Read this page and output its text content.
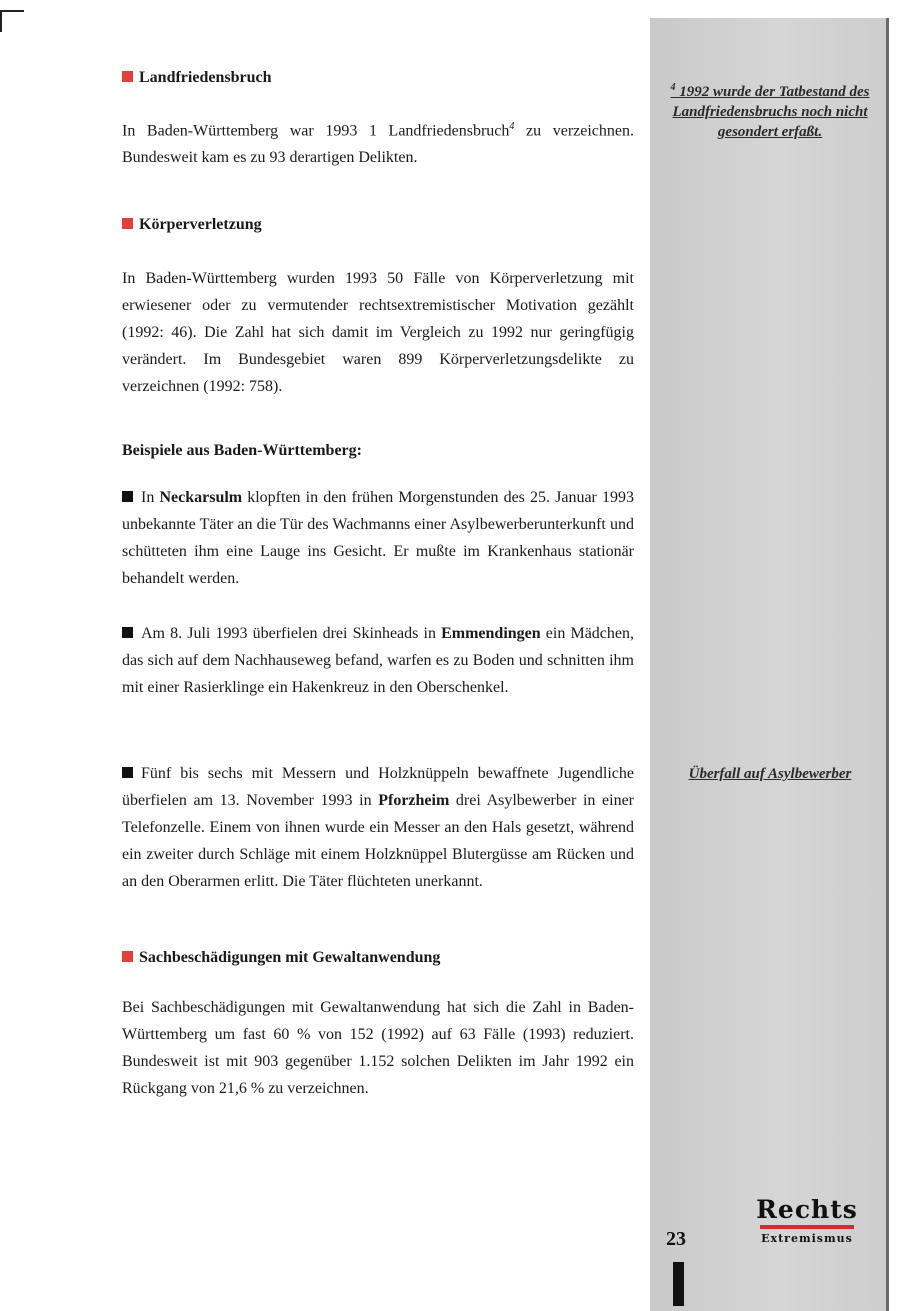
Landfriedensbruch
In Baden-Württemberg war 1993 1 Landfriedensbruch$^4$ zu verzeichnen. Bundesweit kam es zu 93 derartigen Delikten.
Körperverletzung
In Baden-Württemberg wurden 1993 50 Fälle von Körperverletzung mit erwiesener oder zu vermutender rechtsextremistischer Motivation gezählt (1992: 46). Die Zahl hat sich damit im Vergleich zu 1992 nur geringfügig verändert. Im Bundesgebiet waren 899 Körperverletzungsdelikte zu verzeichnen (1992: 758).
Beispiele aus Baden-Württemberg:
In Neckarsulm klopften in den frühen Morgenstunden des 25. Januar 1993 unbekannte Täter an die Tür des Wachmanns einer Asylbewerberunterkunft und schütteten ihm eine Lauge ins Gesicht. Er mußte im Krankenhaus stationär behandelt werden.
Am 8. Juli 1993 überfielen drei Skinheads in Emmendingen ein Mädchen, das sich auf dem Nachhauseweg befand, warfen es zu Boden und schnitten ihm mit einer Rasierklinge ein Hakenkreuz in den Oberschenkel.
Fünf bis sechs mit Messern und Holzknüppeln bewaffnete Jugendliche überfielen am 13. November 1993 in Pforzheim drei Asylbewerber in einer Telefonzelle. Einem von ihnen wurde ein Messer an den Hals gesetzt, während ein zweiter durch Schläge mit einem Holzknüppel Blutergüsse am Rücken und an den Oberarmen erlitt. Die Täter flüchteten unerkannt.
Sachbeschädigungen mit Gewaltanwendung
Bei Sachbeschädigungen mit Gewaltanwendung hat sich die Zahl in Baden-Württemberg um fast 60 % von 152 (1992) auf 63 Fälle (1993) reduziert. Bundesweit ist mit 903 gegenüber 1.152 solchen Delikten im Jahr 1992 ein Rückgang von 21,6 % zu verzeichnen.
$^4$ 1992 wurde der Tatbestand des Landfriedensbruchs noch nicht gesondert erfaßt.
Überfall auf Asylbewerber
23
Rechts
Extremismus
